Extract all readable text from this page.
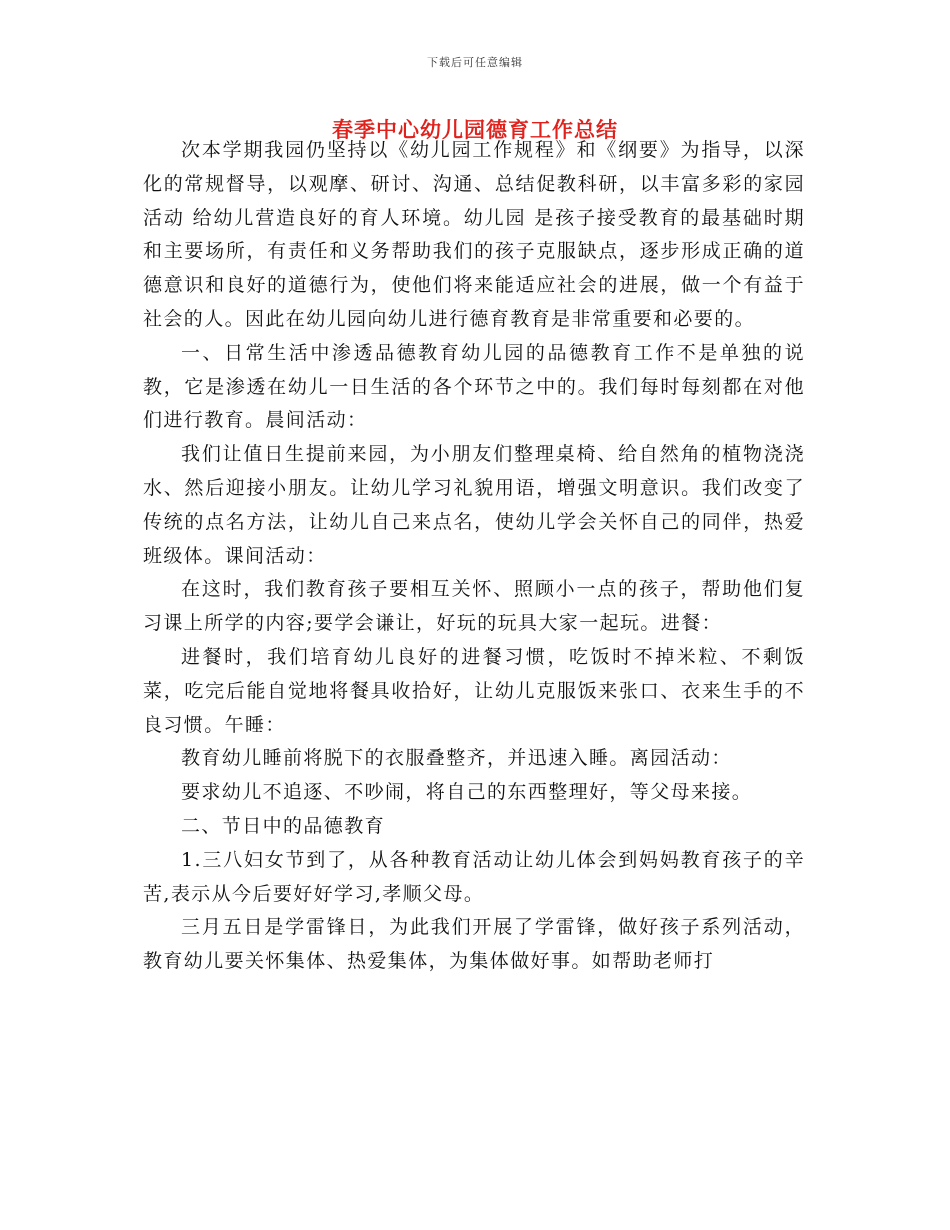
下载后可任意编辑
春季中心幼儿园德育工作总结

次本学期我园仍坚持以《幼儿园工作规程》和《纲要》为指导，以深化的常规督导，以观摩、研讨、沟通、总结促教科研，以丰富多彩的家园 活动 给幼儿营造良好的育人环境。幼儿园 是孩子接受教育的最基础时期和主要场所，有责任和义务帮助我们的孩子克服缺点，逐步形成正确的道德意识和良好的道德行为，使他们将来能适应社会的进展，做一个有益于社会的人。因此在幼儿园向幼儿进行德育教育是非常重要和必要的。

一、日常生活中渗透品德教育幼儿园的品德教育工作不是单独的说教，它是渗透在幼儿一日生活的各个环节之中的。我们每时每刻都在对他们进行教育。晨间活动：

我们让值日生提前来园，为小朋友们整理桌椅、给自然角的植物浇浇水、然后迎接小朋友。让幼儿学习礼貌用语，增强文明意识。我们改变了传统的点名方法，让幼儿自己来点名，使幼儿学会关怀自己的同伴，热爱班级体。课间活动：

在这时，我们教育孩子要相互关怀、照顾小一点的孩子，帮助他们复习课上所学的内容;要学会谦让，好玩的玩具大家一起玩。进餐：

进餐时，我们培育幼儿良好的进餐习惯，吃饭时不掉米粒、不剩饭菜，吃完后能自觉地将餐具收拾好，让幼儿克服饭来张口、衣来生手的不良习惯。午睡：

教育幼儿睡前将脱下的衣服叠整齐，并迅速入睡。离园活动：

要求幼儿不追逐、不吵闹，将自己的东西整理好，等父母来接。

二、节日中的品德教育

1.三八妇女节到了，从各种教育活动让幼儿体会到妈妈教育孩子的辛苦,表示从今后要好好学习,孝顺父母。

三月五日是学雷锋日，为此我们开展了学雷锋，做好孩子系列活动，教育幼儿要关怀集体、热爱集体，为集体做好事。如帮助老师打
